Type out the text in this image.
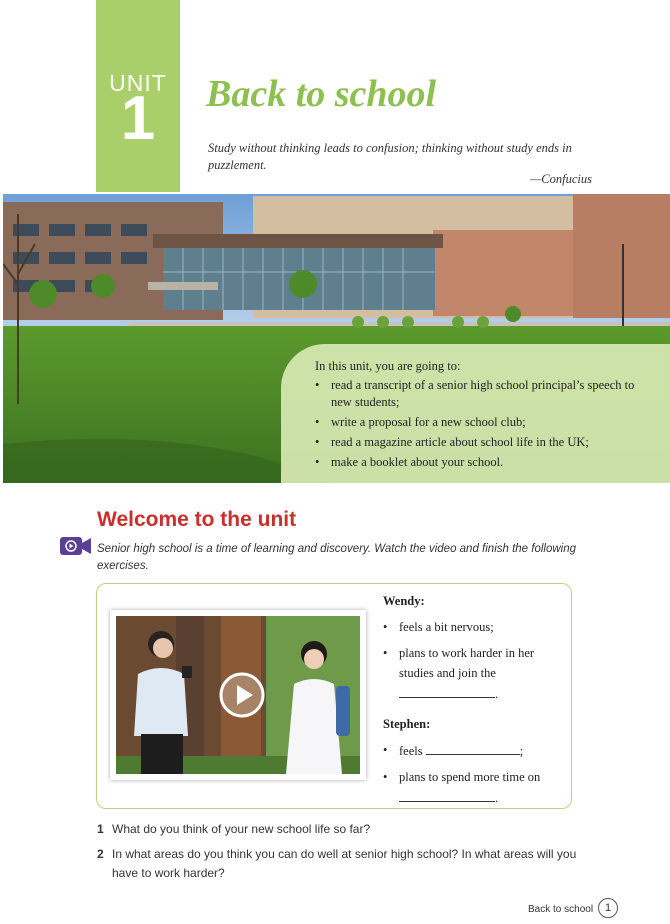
UNIT
1	Back to school

Study without thinking leads to confusion; thinking without study ends in puzzlement.

—Confucius

In this unit, you are going to:

• read a transcript of a senior high school principal’s speech to new students;
• write a proposal for a new school club;
• read a magazine article about school life in the UK;
• make a booklet about your school.
Welcome to the unit

Senior high school is a time of learning and discovery. Watch the video and finish the following exercises.

Wendy:

• feels a bit nervous;
• plans to work harder in her studies and join the
.

Stephen:

• feels	;
• plans to spend more time on
.
1 What do you think of your new school life so far?
2 In what areas do you think you can do well at senior high school? In what areas will you have to work harder?
Back to school	1
